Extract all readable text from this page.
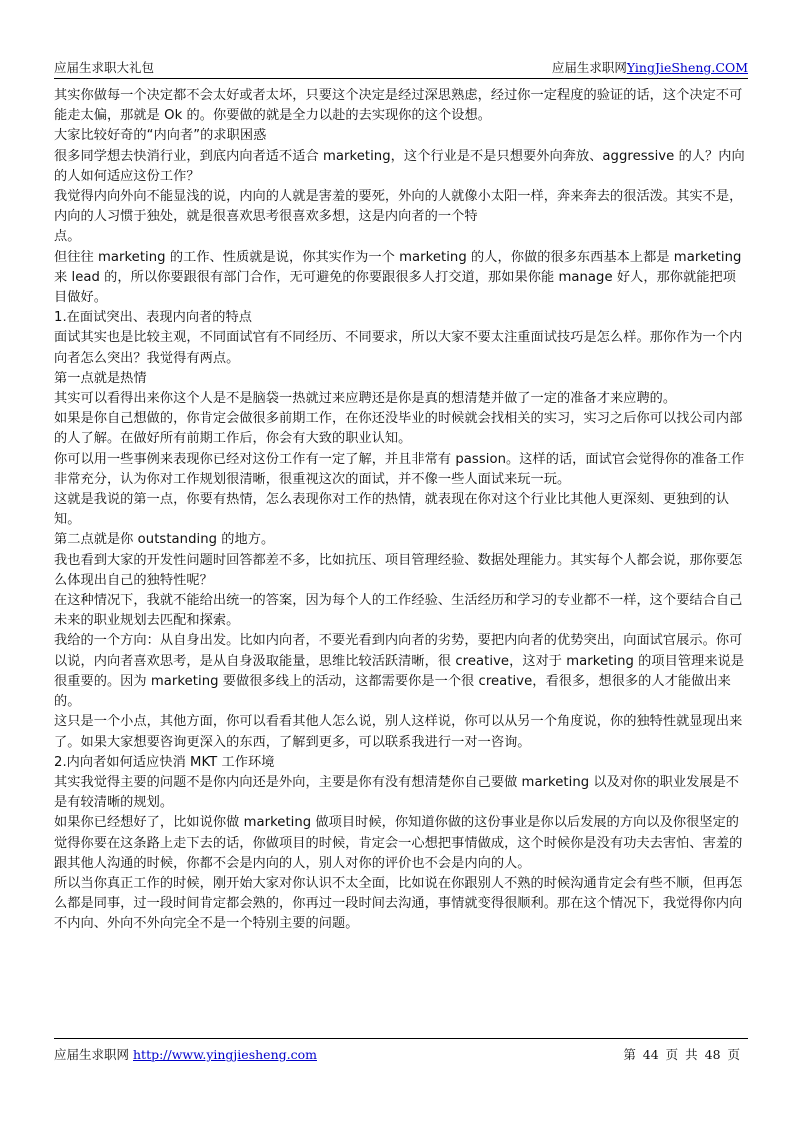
应届生求职大礼包	应届生求职网YingJieSheng.COM

其实你做每一个决定都不会太好或者太坏，只要这个决定是经过深思熟虑，经过你一定程度的验证的话，这个决定不可能走太偏，那就是 Ok 的。你要做的就是全力以赴的去实现你的这个设想。

大家比较好奇的“内向者”的求职困惑

很多同学想去快消行业，到底内向者适不适合 marketing，这个行业是不是只想要外向奔放、aggressive 的人？内向的人如何适应这份工作？

我觉得内向外向不能显浅的说，内向的人就是害羞的要死，外向的人就像小太阳一样，奔来奔去的很活泼。其实不是，内向的人习惯于独处，就是很喜欢思考很喜欢多想，这是内向者的一个特

点。

但往往 marketing 的工作、性质就是说，你其实作为一个 marketing 的人，你做的很多东西基本上都是 marketing 来 lead 的，所以你要跟很有部门合作，无可避免的你要跟很多人打交道，那如果你能 manage 好人，那你就能把项目做好。

1.在面试突出、表现内向者的特点

面试其实也是比较主观，不同面试官有不同经历、不同要求，所以大家不要太注重面试技巧是怎么样。那你作为一个内向者怎么突出？我觉得有两点。

第一点就是热情

其实可以看得出来你这个人是不是脑袋一热就过来应聘还是你是真的想清楚并做了一定的准备才来应聘的。

如果是你自己想做的，你肯定会做很多前期工作，在你还没毕业的时候就会找相关的实习，实习之后你可以找公司内部的人了解。在做好所有前期工作后，你会有大致的职业认知。

你可以用一些事例来表现你已经对这份工作有一定了解，并且非常有 passion。这样的话，面试官会觉得你的准备工作非常充分，认为你对工作规划很清晰，很重视这次的面试，并不像一些人面试来玩一玩。

这就是我说的第一点，你要有热情，怎么表现你对工作的热情，就表现在你对这个行业比其他人更深刻、更独到的认知。

第二点就是你 outstanding 的地方。

我也看到大家的开发性问题时回答都差不多，比如抗压、项目管理经验、数据处理能力。其实每个人都会说，那你要怎么体现出自己的独特性呢？

在这种情况下，我就不能给出统一的答案，因为每个人的工作经验、生活经历和学习的专业都不一样，这个要结合自己未来的职业规划去匹配和探索。

我给的一个方向：从自身出发。比如内向者，不要光看到内向者的劣势，要把内向者的优势突出，向面试官展示。你可以说，内向者喜欢思考，是从自身汲取能量，思维比较活跃清晰，很 creative，这对于 marketing 的项目管理来说是很重要的。因为 marketing 要做很多线上的活动，这都需要你是一个很 creative，看很多，想很多的人才能做出来的。

这只是一个小点，其他方面，你可以看看其他人怎么说，别人这样说，你可以从另一个角度说，你的独特性就显现出来了。如果大家想要咨询更深入的东西，了解到更多，可以联系我进行一对一咨询。

2.内向者如何适应快消 MKT 工作环境

其实我觉得主要的问题不是你内向还是外向，主要是你有没有想清楚你自己要做 marketing 以及对你的职业发展是不是有较清晰的规划。

如果你已经想好了，比如说你做 marketing 做项目时候，你知道你做的这份事业是你以后发展的方向以及你很坚定的觉得你要在这条路上走下去的话，你做项目的时候，肯定会一心想把事情做成，这个时候你是没有功夫去害怕、害羞的跟其他人沟通的时候，你都不会是内向的人，别人对你的评价也不会是内向的人。

所以当你真正工作的时候，刚开始大家对你认识不太全面，比如说在你跟别人不熟的时候沟通肯定会有些不顺，但再怎么都是同事，过一段时间肯定都会熟的，你再过一段时间去沟通，事情就变得很顺利。那在这个情况下，我觉得你内向不内向、外向不外向完全不是一个特别主要的问题。

应届生求职网 http://www.yingjiesheng.com	第 44 页 共 48 页
